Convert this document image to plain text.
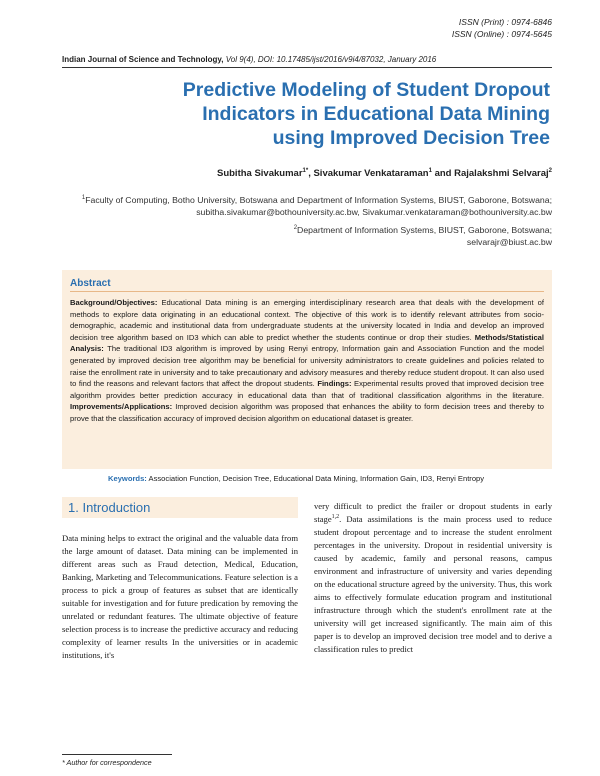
ISSN (Print) : 0974-6846
ISSN (Online) : 0974-5645
Indian Journal of Science and Technology, Vol 9(4), DOI: 10.17485/ijst/2016/v9i4/87032, January 2016
Predictive Modeling of Student Dropout Indicators in Educational Data Mining using Improved Decision Tree
Subitha Sivakumar$^{1*}$, Sivakumar Venkataraman$^1$ and Rajalakshmi Selvaraj$^2$
$^1$Faculty of Computing, Botho University, Botswana and Department of Information Systems, BIUST, Gaborone, Botswana; subitha.sivakumar@bothouniversity.ac.bw, Sivakumar.venkataraman@bothouniversity.ac.bw
$^2$Department of Information Systems, BIUST, Gaborone, Botswana; selvarajr@biust.ac.bw
Abstract
Background/Objectives: Educational Data mining is an emerging interdisciplinary research area that deals with the development of methods to explore data originating in an educational context. The objective of this work is to identify relevant attributes from socio-demographic, academic and institutional data from undergraduate students at the university located in India and develop an improved decision tree algorithm based on ID3 which can able to predict whether the students continue or drop their studies. Methods/Statistical Analysis: The traditional ID3 algorithm is improved by using Renyi entropy, Information gain and Association Function and the model generated by improved decision tree algorithm may be beneficial for university administrators to create guidelines and policies related to raise the enrollment rate in university and to take precautionary and advisory measures and thereby reduce student dropout. It can also used to find the reasons and relevant factors that affect the dropout students. Findings: Experimental results proved that improved decision tree algorithm provides better prediction accuracy in educational data than that of traditional classification algorithms in the literature. Improvements/Applications: Improved decision algorithm was proposed that enhances the ability to form decision trees and thereby to prove that the classification accuracy of improved decision algorithm on educational dataset is greater.
Keywords: Association Function, Decision Tree, Educational Data Mining, Information Gain, ID3, Renyi Entropy
1. Introduction
Data mining helps to extract the original and the valuable data from the large amount of dataset. Data mining can be implemented in different areas such as Fraud detection, Medical, Education, Banking, Marketing and Telecommunications. Feature selection is a process to pick a group of features as subset that are identically suitable for investigation and for future predication by removing the unrelated or redundant features. The ultimate objective of feature selection process is to increase the predictive accuracy and reducing complexity of learner results In the universities or in academic institutions, it's
very difficult to predict the frailer or dropout students in early stage$^{1,2}$. Data assimilations is the main process used to reduce student dropout percentage and to increase the student enrolment percentages in the university. Dropout in residential university is caused by academic, family and personal reasons, campus environment and infrastructure of university and varies depending on the educational structure agreed by the university. Thus, this work aims to effectively formulate education program and institutional infrastructure through which the student's enrollment rate at the university will get increased significantly. The main aim of this paper is to develop an improved decision tree model and to derive a classification rules to predict
* Author for correspondence
